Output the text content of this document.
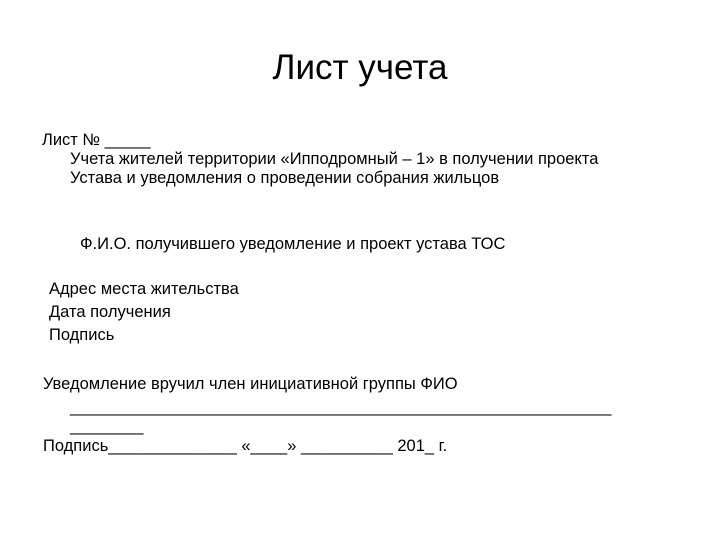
Лист учета
Лист № _____
Учета жителей территории «Ипподромный – 1» в получении проекта
Устава и уведомления о проведении собрания жильцов
Ф.И.О. получившего уведомление и проект устава ТОС
Адрес места жительства
Дата получения
Подпись
Уведомление вручил член инициативной группы ФИО
___________________________________________________________
________
Подпись______________ «____» __________ 201_ г.
